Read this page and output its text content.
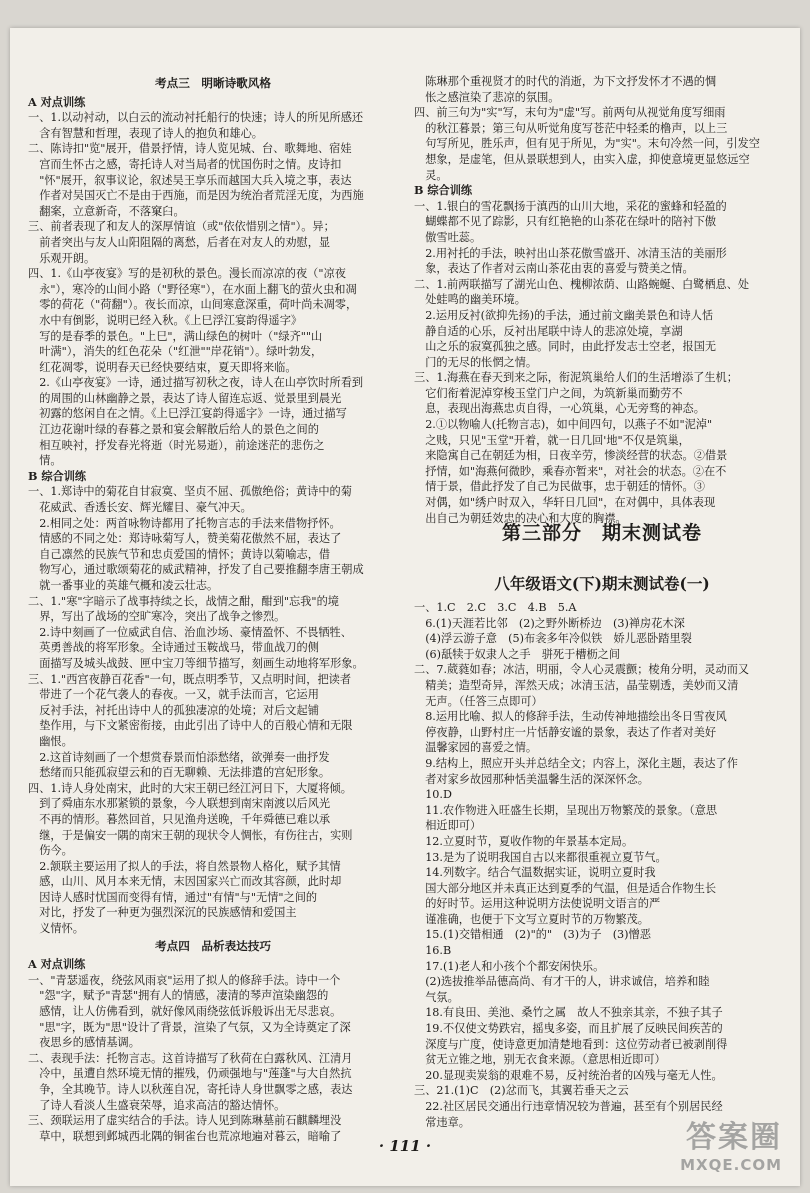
考点三　明晰诗歌风格
A 对点训练
一、1.以动衬动，以白云的流动衬托船行的快速；诗人的所见所感还
　含有智慧和哲理，表现了诗人的抱负和雄心。
二、陈诗扣"览"展开，借景抒情，诗人览见城、台、歌舞地、宿娃
　宫而生怀古之感，寄托诗人对当局者的忧国伤时之情。皮诗扣
　"怀"展开，叙事议论，叙述吴王享乐而越国大兵入境之事，表达
　作者对吴国灭亡不是由于西施，而是因为统治者荒淫无度，为西施
　翻案，立意新奇，不落窠臼。
三、前者表现了和友人的深厚情谊（或"依依惜别之情"）。异；
　前者突出与友人山阳阻隔的离愁，后者在对友人的劝慰，显
　乐观开朗。
四、1.《山亭夜宴》写的是初秋的景色。漫长而凉凉的夜（"凉夜
　永"），寒冷的山间小路（"野径寒"），在水面上翻飞的萤火虫和凋
　零的荷花（"荷翻"）。夜长而凉，山间寒意深重，荷叶尚未凋零，
　水中有倒影，说明已经入秋。《上巳浮江宴韵得遥字》
　写的是春季的景色。"上巳"，满山绿色的树叶（"绿齐""山
　叶满"），消失的红色花朵（"红泄""岸花销"）。绿叶勃发，
　红花凋零，说明春天已经快要结束，夏天即将来临。
　2.《山亭夜宴》一诗，通过描写初秋之夜，诗人在山亭饮时所看到
　的周围的山林幽静之景，表达了诗人留连忘返、觉景里到晨光
　初露的悠闲自在之情。《上巳浮江宴韵得遥字》一诗，通过描写
　江边花谢叶绿的春暮之景和宴会解散后给人的景色之间的
　相互映衬，抒发春光将逝（时光易逝），前途迷茫的悲伤之
　情。
B 综合训练
一、1.郑诗中的菊花自甘寂寞、坚贞不屈、孤傲绝俗；黄诗中的菊
　花威武、香透长安、辉光耀目、豪气冲天。
　2.相同之处：两首咏物诗都用了托物言志的手法来借物抒怀。
　情感的不同之处：郑诗咏菊写人，赞美菊花傲然不屈，表达了
　自己凛然的民族气节和忠贞爱国的情怀；黄诗以菊喻志，借
　物写心，通过歌颂菊花的威武精神，抒发了自己要推翻李唐王朝成
　就一番事业的英雄气概和凌云壮志。
二、1."寒"字暗示了战事持续之长，战情之酣，酣到"忘我"的境
　界，写出了战场的空旷寒冷，突出了战争之惨烈。
　2.诗中刻画了一位威武自信、治血沙场、豪情盈怀、不畏牺牲、
　英勇善战的将军形象。全诗通过玉鞍战马，带血战刀的侧
　面描写及城头战鼓、匣中宝刀等细节描写，刻画生动地将军形象。
三、1."西宫夜静百花香"一句，既点明季节，又点明时间，把读者
　带进了一个花气袭人的春夜。一又，就手法而言，它运用
　反衬手法，衬托出诗中人的孤独凄凉的处境；对后文起铺
　垫作用，与下文紧密衔接，由此引出了诗中人的百般心情和无限
　幽恨。
　2.这首诗刻画了一个想赏春景而怕添愁绪，欲弹奏一曲抒发
　愁绪而只能孤寂望云和的百无聊赖、无法排遣的宫妃形象。
四、1.诗人身处南宋，此时的大宋王朝已经江河日下，大厦将倾。
　到了舜庙东水那紧锁的景象，今人联想到南宋南渡以后风光
　不再的情形。暮然回首，只见渔舟送晚，千年舜德已难以承
　继，于是偏安一隅的南宋王朝的现状令人惆怅，有伤往古，实则
　伤今。
　2.颔联主要运用了拟人的手法，将自然景物人格化，赋予其情
　感，山川、风月本来无情，末因国家兴亡而改其容颜，此时却
　因诗人感时忧国而变得有情，通过"有情"与"无情"之间的
　对比，抒发了一种更为强烈深沉的民族感情和爱国主
　义情怀。
考点四　品析表达技巧
A 对点训练
一、"青瑟遥夜，绕弦风雨哀"运用了拟人的修辞手法。诗中一个
　"怨"字，赋予"青瑟"拥有人的情感，凄清的琴声渲染幽怨的
　感情，让人仿佛看到，就好像风雨绕弦低诉般诉出无尽悲哀。
　"思"字，既为"思"设计了背景，渲染了气氛，又为全诗奠定了深
　夜思乡的感情基调。
二、表现手法：托物言志。这首诗描写了秋荷在白露秋风、江清月
　冷中，虽遭自然环境无情的摧残，仍顽强地与"莲蓬"与大自然抗
　争，全其晚节。诗人以秋莲自况，寄托诗人身世飘零之感，表达
　了诗人看淡人生盛衰荣辱，追求高洁的豁达情怀。
三、颈联运用了虚实结合的手法。诗人见到陈琳墓前石麒麟埋没
　草中，联想到邺城西北隅的铜雀台也荒凉地遍对暮云，暗喻了
　陈琳那个重视贤才的时代的消逝，为下文抒发怀才不遇的惆
　怅之感渲染了悲凉的氛围。
四、前三句为"实"写，末句为"虚"写。前两句从视觉角度写细雨
　的秋江暮景；第三句从听觉角度写苍茫中轻柔的橹声，以上三
　句写所见，胜乐声，但有见于所见，为"实"。末句冷然一问，引发空
　想象，是虚笔，但从景联想到人，由实入虚，抑使意境更显悠远空
　灵。
B 综合训练
一、1.银白的雪花飘扬于滇西的山川大地，采花的蜜蜂和轻盈的
　蝴蝶都不见了踪影，只有红艳艳的山茶花在绿叶的陪衬下傲
　傲雪吐蕊。
　2.用衬托的手法，映衬出山茶花傲雪盛开、冰清玉洁的美丽形
　象，表达了作者对云南山茶花由衷的喜爱与赞美之情。
二、1.前两联描写了湖光山色、槐柳浓荫、山路蜿蜒、白鹭栖息、处
　处蛙鸣的幽美环境。
　2.运用反衬(欲抑先扬)的手法，通过前文幽美景色和诗人恬
　静自适的心乐，反衬出尾联中诗人的悲凉处境，享湖
　山之乐的寂寞孤独之感。同时，由此抒发志士空老，报国无
　门的无尽的怅惘之情。
三、1.海燕在春天到来之际，衔泥筑巢给人们的生活增添了生机；
　它们衔着泥淖穿梭玉堂门户之间，为筑新巢而勤劳不
　息，表现出海燕忠贞自得，一心筑巢，心无旁骛的神态。
　2.①以物喻人(托物言志)，如中间四句，以燕子不如"泥淖"
　之贱，只见"玉堂"开着，就一日几回'地"不仅是筑巢，
　来隐寓自己在朝廷为相，日夜辛劳，惨淡经营的状态。②借景
　抒情，如"海燕何微眇，乘春亦暂来"，对社会的状态。②在不
　情于景，借此抒发了自己为民做事，忠于朝廷的情怀。③
　对偶，如"绣户时双入，华轩日几回"，在对偶中，具体表现
　出自己为朝廷效忠的决心和大度的胸襟。
第三部分　期末测试卷
八年级语文(下)期末测试卷(一)
一、1.C　2.C　3.C　4.B　5.A
　6.(1)天涯若比邻　(2)之野外断桥边　(3)禅房花木深
　(4)浮云游子意　(5)布衾多年冷似铁　娇儿恶卧踏里裂
　(6)舐犊于奴隶人之手　骈死于槽枥之间
二、7.葳蕤如春；冰洁，明丽，令人心灵震颤；棱角分明，灵动而又
　精美；造型奇异，浑然天成；冰清玉洁，晶莹剔透，美妙而又清
　无声。（任答三点即可）
　8.运用比喻、拟人的修辞手法，生动传神地描绘出冬日雪夜风
　停夜静，山野村庄一片恬静安谧的景象，表达了作者对美好
　温馨家园的喜爱之情。
　9.结构上，照应开头并总结全文；内容上，深化主题，表达了作
　者对家乡故园那种恬美温馨生活的深深怀念。
　10.D
　11.农作物进入旺盛生长期，呈现出万物繁茂的景象。（意思
　相近即可）
　12.立夏时节，夏收作物的年景基本定局。
　13.是为了说明我国自古以来都很重视立夏节气。
　14.列数字。结合气温数据实证，说明立夏时我
　国大部分地区并未真正达到夏季的气温，但是适合作物生长
　的好时节。运用这种说明方法使说明文语言的严
　谨准确，也便于下文写立夏时节的万物繁茂。
　15.(1)交错相通　(2)"的"　(3)为子　(3)憎恶
　16.B
　17.(1)老人和小孩个个都安闲快乐。
　(2)选拔推举品德高尚、有才干的人，讲求诚信，培养和睦
　气氛。
　18.有良田、美池、桑竹之属　故人不独亲其亲，不独子其子
　19.不仅使文势跌宕，摇曳多姿，而且扩展了反映民间疾苦的
　深度与广度，使诗意更加清楚地看到：这位劳动者已被剥削得
　贫无立锥之地，别无衣食来源。（意思相近即可）
　20.显现卖炭翁的艰难不易，反衬统治者的凶残与毫无人性。
三、21.(1)C　(2)忿而飞，其翼若垂天之云
　22.社区居民交通出行违章情况较为普遍，甚至有个别居民经
　常违章。
· 111 ·	答案圈
MXQE.COM
